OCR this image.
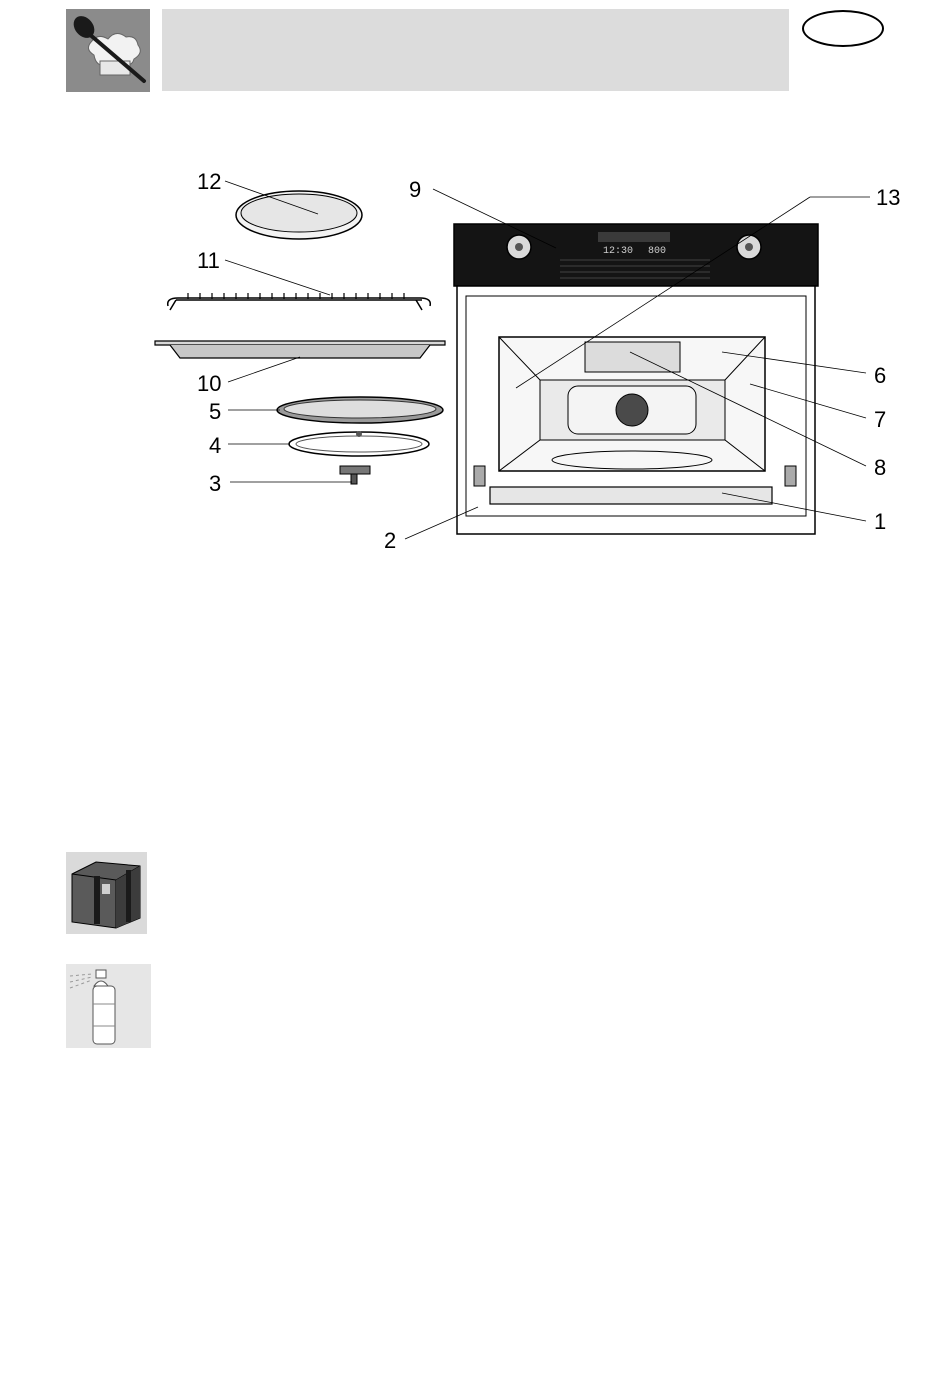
12:30 800
12
11
10
5
4
3
2
1
9	13
6
7
8
